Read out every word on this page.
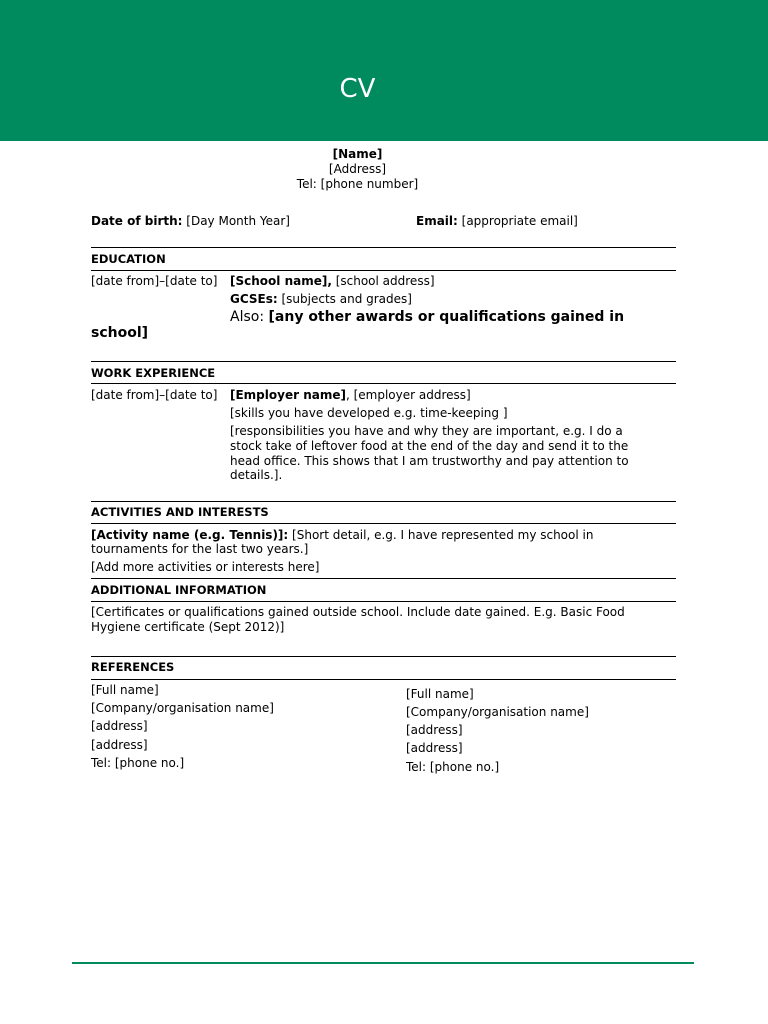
CV
[Name]
[Address]
Tel: [phone number]
Date of birth: [Day Month Year]	Email: [appropriate email]
EDUCATION
[date from]–[date to] [School name], [school address]
GCSEs: [subjects and grades]
Also: [any other awards or qualifications gained in
school]
WORK EXPERIENCE
[date from]–[date to] [Employer name], [employer address]
[skills you have developed e.g. time-keeping ]
[responsibilities you have and why they are important, e.g. I do a
stock take of leftover food at the end of the day and send it to the
head office. This shows that I am trustworthy and pay attention to
details.].
ACTIVITIES AND INTERESTS
[Activity name (e.g. Tennis)]: [Short detail, e.g. I have represented my school in
tournaments for the last two years.]
[Add more activities or interests here]
ADDITIONAL INFORMATION
[Certificates or qualifications gained outside school. Include date gained. E.g. Basic Food
Hygiene certificate (Sept 2012)]
REFERENCES
[Full name]
[Company/organisation name]
[address]
[address]
Tel: [phone no.]
[Full name]
[Company/organisation name]
[address]
[address]
Tel: [phone no.]
